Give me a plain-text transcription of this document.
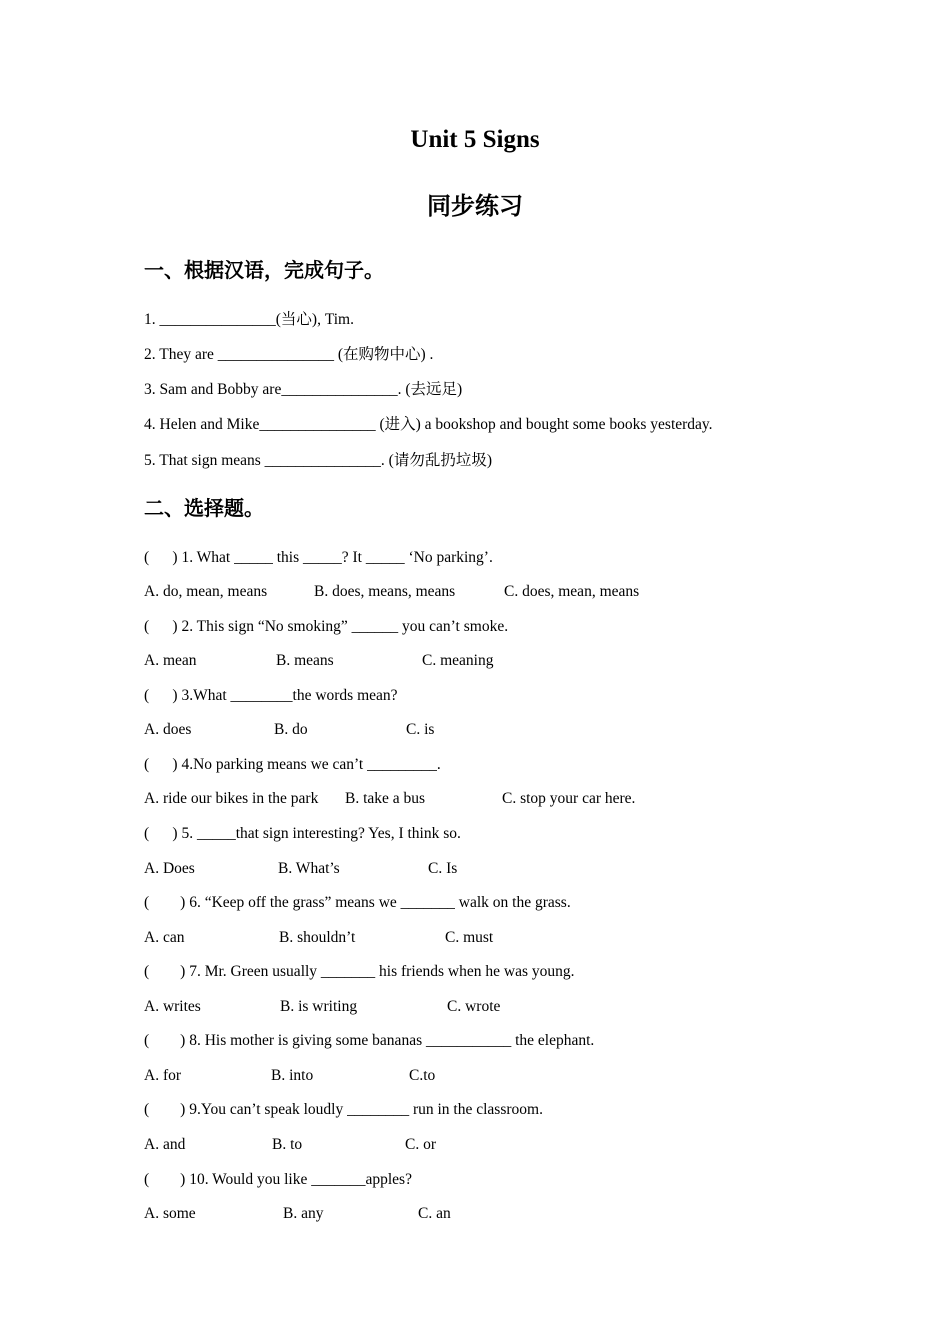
Unit 5 Signs
同步练习
一、根据汉语，完成句子。
1. _______________(当心), Tim.
2. They are _______________ (在购物中心) .
3. Sam and Bobby are_______________. (去远足)
4. Helen and Mike_______________ (进入) a bookshop and bought some books yesterday.
5. That sign means _______________. (请勿乱扔垃圾)
二、选择题。
(      ) 1. What _____ this _____? It _____ ‘No parking’.
A. do, mean, means	B. does, means, means	C. does, mean, means
(      ) 2. This sign “No smoking” ______ you can’t smoke.
A. mean	B. means	C. meaning
(      ) 3.What ________the words mean?
A. does	B. do	C. is
(      ) 4.No parking means we can’t _________.
A. ride our bikes in the park B. take a bus	C. stop your car here.
(      ) 5. _____that sign interesting? Yes, I think so.
A. Does	B. What’s	C. Is
(        ) 6. “Keep off the grass” means we _______ walk on the grass.
A. can	B. shouldn’t	C. must
(        ) 7. Mr. Green usually _______ his friends when he was young.
A. writes	B. is writing	C. wrote
(        ) 8. His mother is giving some bananas ___________ the elephant.
A. for	B. into	C.to
(        ) 9.You can’t speak loudly ________ run in the classroom.
A. and	B. to	C. or
(        ) 10. Would you like _______apples?
A. some	B. any	C. an
